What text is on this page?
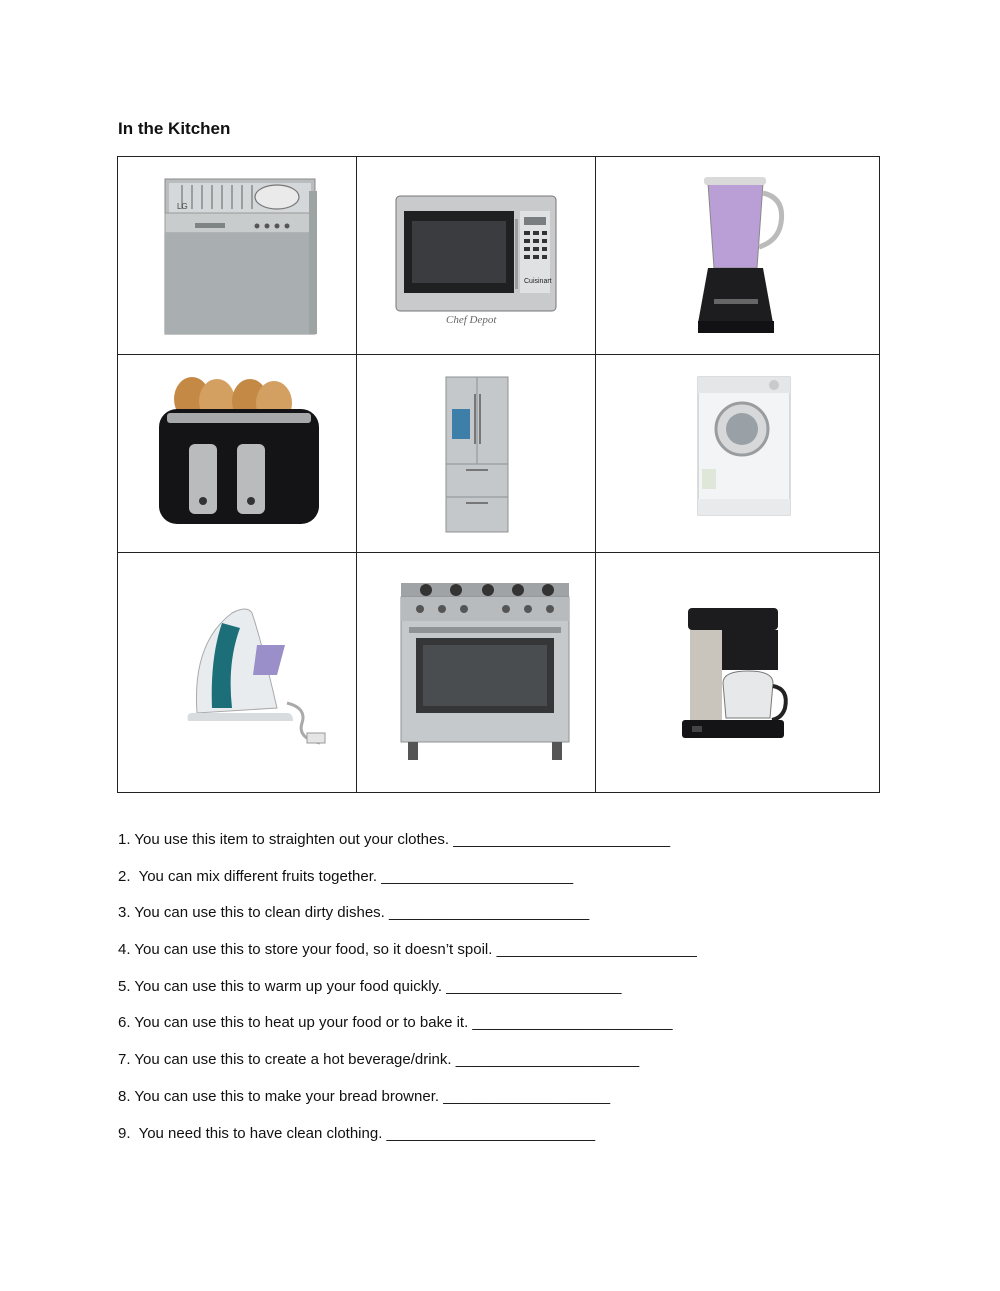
In the Kitchen
LG
Cuisinart
Chef Depot
1. You use this item to straighten out your clothes. __________________________
2.  You can mix different fruits together. _______________________
3. You can use this to clean dirty dishes. ________________________
4. You can use this to store your food, so it doesn’t spoil. ________________________
5. You can use this to warm up your food quickly. _____________________
6. You can use this to heat up your food or to bake it. ________________________
7. You can use this to create a hot beverage/drink. ______________________
8. You can use this to make your bread browner. ____________________
9.  You need this to have clean clothing. _________________________
